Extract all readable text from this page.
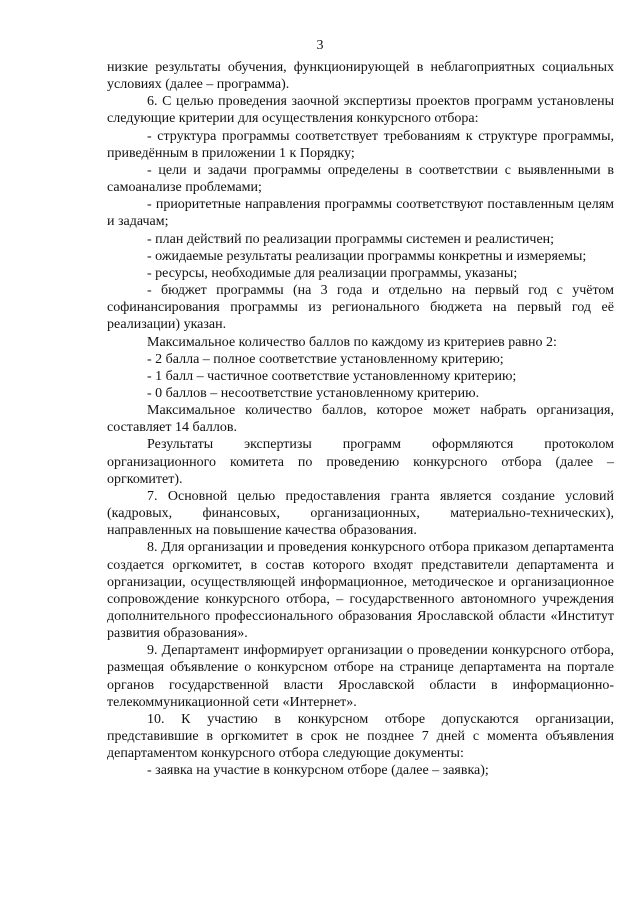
3

низкие результаты обучения, функционирующей в неблагоприятных социальных условиях (далее – программа).

6. С целью проведения заочной экспертизы проектов программ установлены следующие критерии для осуществления конкурсного отбора:

- структура программы соответствует требованиям к структуре программы, приведённым в приложении 1 к Порядку;

- цели и задачи программы определены в соответствии с выявленными в самоанализе проблемами;

- приоритетные направления программы соответствуют поставленным целям и задачам;

- план действий по реализации программы системен и реалистичен;

- ожидаемые результаты реализации программы конкретны и измеряемы;

- ресурсы, необходимые для реализации программы, указаны;

- бюджет программы (на 3 года и отдельно на первый год с учётом софинансирования программы из регионального бюджета на первый год её реализации) указан.

Максимальное количество баллов по каждому из критериев равно 2:

- 2 балла – полное соответствие установленному критерию;

- 1 балл – частичное соответствие установленному критерию;

- 0 баллов – несоответствие установленному критерию.

Максимальное количество баллов, которое может набрать организация, составляет 14 баллов.

Результаты экспертизы программ оформляются протоколом организационного комитета по проведению конкурсного отбора (далее – оргкомитет).

7. Основной целью предоставления гранта является создание условий (кадровых, финансовых, организационных, материально-технических), направленных на повышение качества образования.

8. Для организации и проведения конкурсного отбора приказом департамента создается оргкомитет, в состав которого входят представители департамента и организации, осуществляющей информационное, методическое и организационное сопровождение конкурсного отбора, – государственного автономного учреждения дополнительного профессионального образования Ярославской области «Институт развития образования».

9. Департамент информирует организации о проведении конкурсного отбора, размещая объявление о конкурсном отборе на странице департамента на портале органов государственной власти Ярославской области в информационно-телекоммуникационной сети «Интернет».

10. К участию в конкурсном отборе допускаются организации, представившие в оргкомитет в срок не позднее 7 дней с момента объявления департаментом конкурсного отбора следующие документы:

- заявка на участие в конкурсном отборе (далее – заявка);
